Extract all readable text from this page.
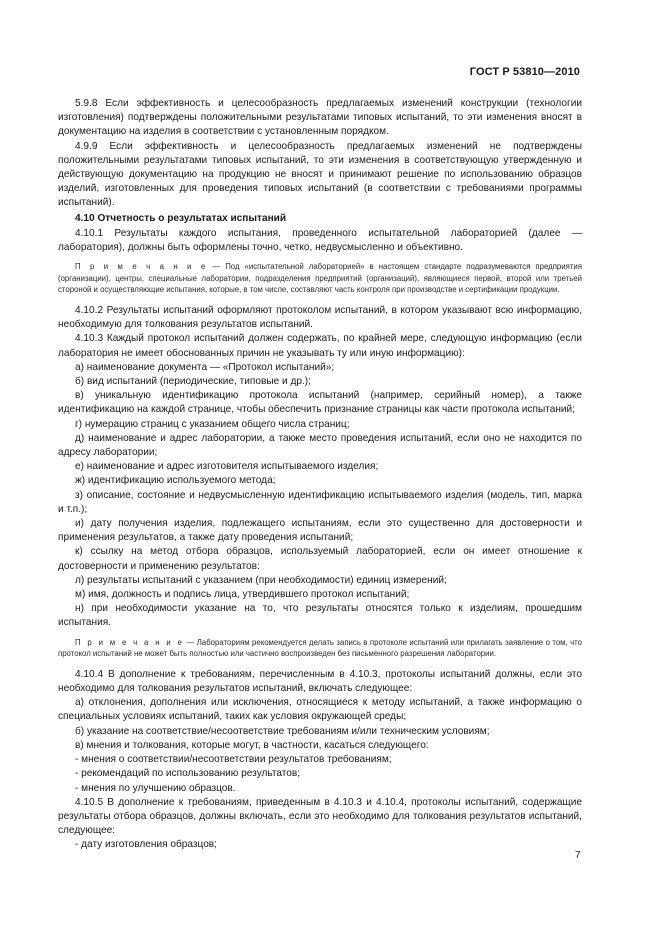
ГОСТ Р 53810—2010

5.9.8 Если эффективность и целесообразность предлагаемых изменений конструкции (технологии изготовления) подтверждены положительными результатами типовых испытаний, то эти изменения вносят в документацию на изделия в соответствии с установленным порядком.

4.9.9 Если эффективность и целесообразность предлагаемых изменений не подтверждены положительными результатами типовых испытаний, то эти изменения в соответствующую утвержденную и действующую документацию на продукцию не вносят и принимают решение по использованию образцов изделий, изготовленных для проведения типовых испытаний (в соответствии с требованиями программы испытаний).

4.10 Отчетность о результатах испытаний

4.10.1 Результаты каждого испытания, проведенного испытательной лабораторией (далее — лаборатория), должны быть оформлены точно, четко, недвусмысленно и объективно.

П р и м е ч а н и е — Под «испытательной лабораторией» в настоящем стандарте подразумеваются предприятия (организации), центры, специальные лаборатории, подразделения предприятий (организаций), являющиеся первой, второй или третьей стороной и осуществляющие испытания, которые, в том числе, составляют часть контроля при производстве и сертификации продукции.

4.10.2 Результаты испытаний оформляют протоколом испытаний, в котором указывают всю информацию, необходимую для толкования результатов испытаний.

4.10.3 Каждый протокол испытаний должен содержать, по крайней мере, следующую информацию (если лаборатория не имеет обоснованных причин не указывать ту или иную информацию):

а) наименование документа — «Протокол испытаний»;

б) вид испытаний (периодические, типовые и др.);

в) уникальную идентификацию протокола испытаний (например, серийный номер), а также идентификацию на каждой странице, чтобы обеспечить признание страницы как части протокола испытаний;

г) нумерацию страниц с указанием общего числа страниц;

д) наименование и адрес лаборатории, а также место проведения испытаний, если оно не находится по адресу лаборатории;

е) наименование и адрес изготовителя испытываемого изделия;

ж) идентификацию используемого метода;

з) описание, состояние и недвусмысленную идентификацию испытываемого изделия (модель, тип, марка и т.п.);

и) дату получения изделия, подлежащего испытаниям, если это существенно для достоверности и применения результатов, а также дату проведения испытаний;

к) ссылку на метод отбора образцов, используемый лабораторией, если он имеет отношение к достоверности и применению результатов:

л) результаты испытаний с указанием (при необходимости) единиц измерений;

м) имя, должность и подпись лица, утвердившего протокол испытаний;

н) при необходимости указание на то, что результаты относятся только к изделиям, прошедшим испытания.

П р и м е ч а н и е — Лабораториям рекомендуется делать запись в протоколе испытаний или прилагать заявление о том, что протокол испытаний не может быть полностью или частично воспроизведен без письменного разрешения лаборатории.

4.10.4 В дополнение к требованиям, перечисленным в 4.10.3, протоколы испытаний должны, если это необходимо для толкования результатов испытаний, включать следующее:

а) отклонения, дополнения или исключения, относящиеся к методу испытаний, а также информацию о специальных условиях испытаний, таких как условия окружающей среды;

б) указание на соответствие/несоответствие требованиям и/или техническим условиям;

в) мнения и толкования, которые могут, в частности, касаться следующего:

- мнения о соответствии/несоответствии результатов требованиям;

- рекомендаций по использованию результатов;

- мнения по улучшению образцов.

4.10.5 В дополнение к требованиям, приведенным в 4.10.3 и 4.10.4, протоколы испытаний, содержащие результаты отбора образцов, должны включать, если это необходимо для толкования результатов испытаний, следующее:

- дату изготовления образцов;

7
